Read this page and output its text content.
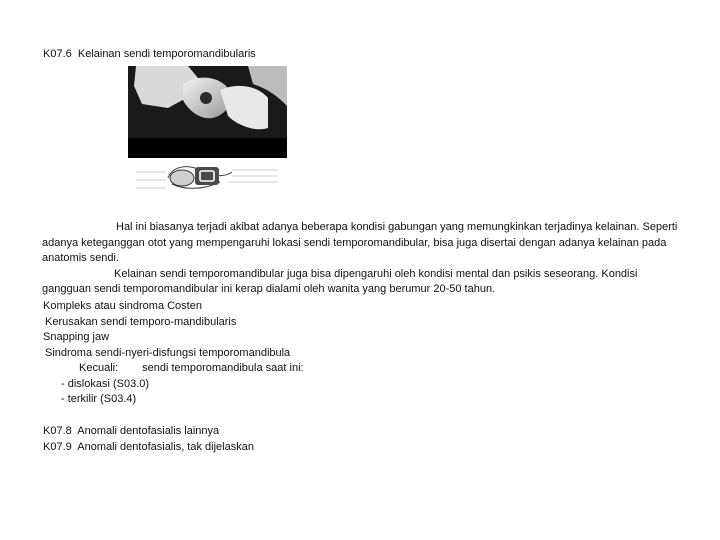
K07.6  Kelainan sendi temporomandibularis

Hal ini biasanya terjadi akibat adanya beberapa kondisi gabungan yang memungkinkan terjadinya kelainan. Seperti adanya keteganggan otot yang mempengaruhi lokasi sendi temporomandibular, bisa juga disertai dengan adanya kelainan pada anatomis sendi.

Kelainan sendi temporomandibular juga bisa dipengaruhi oleh kondisi mental dan psikis seseorang. Kondisi gangguan sendi temporomandibular ini kerap dialami oleh wanita yang berumur 20-50 tahun.

Kompleks atau sindroma Costen
Kerusakan sendi temporo-mandibularis
Snapping jaw
Sindroma sendi-nyeri-disfungsi temporomandibula
Kecuali: sendi temporomandibula saat ini:
- dislokasi (S03.0)
- terkilir (S03.4)
K07.8  Anomali dentofasialis lainnya
K07.9  Anomali dentofasialis, tak dijelaskan
